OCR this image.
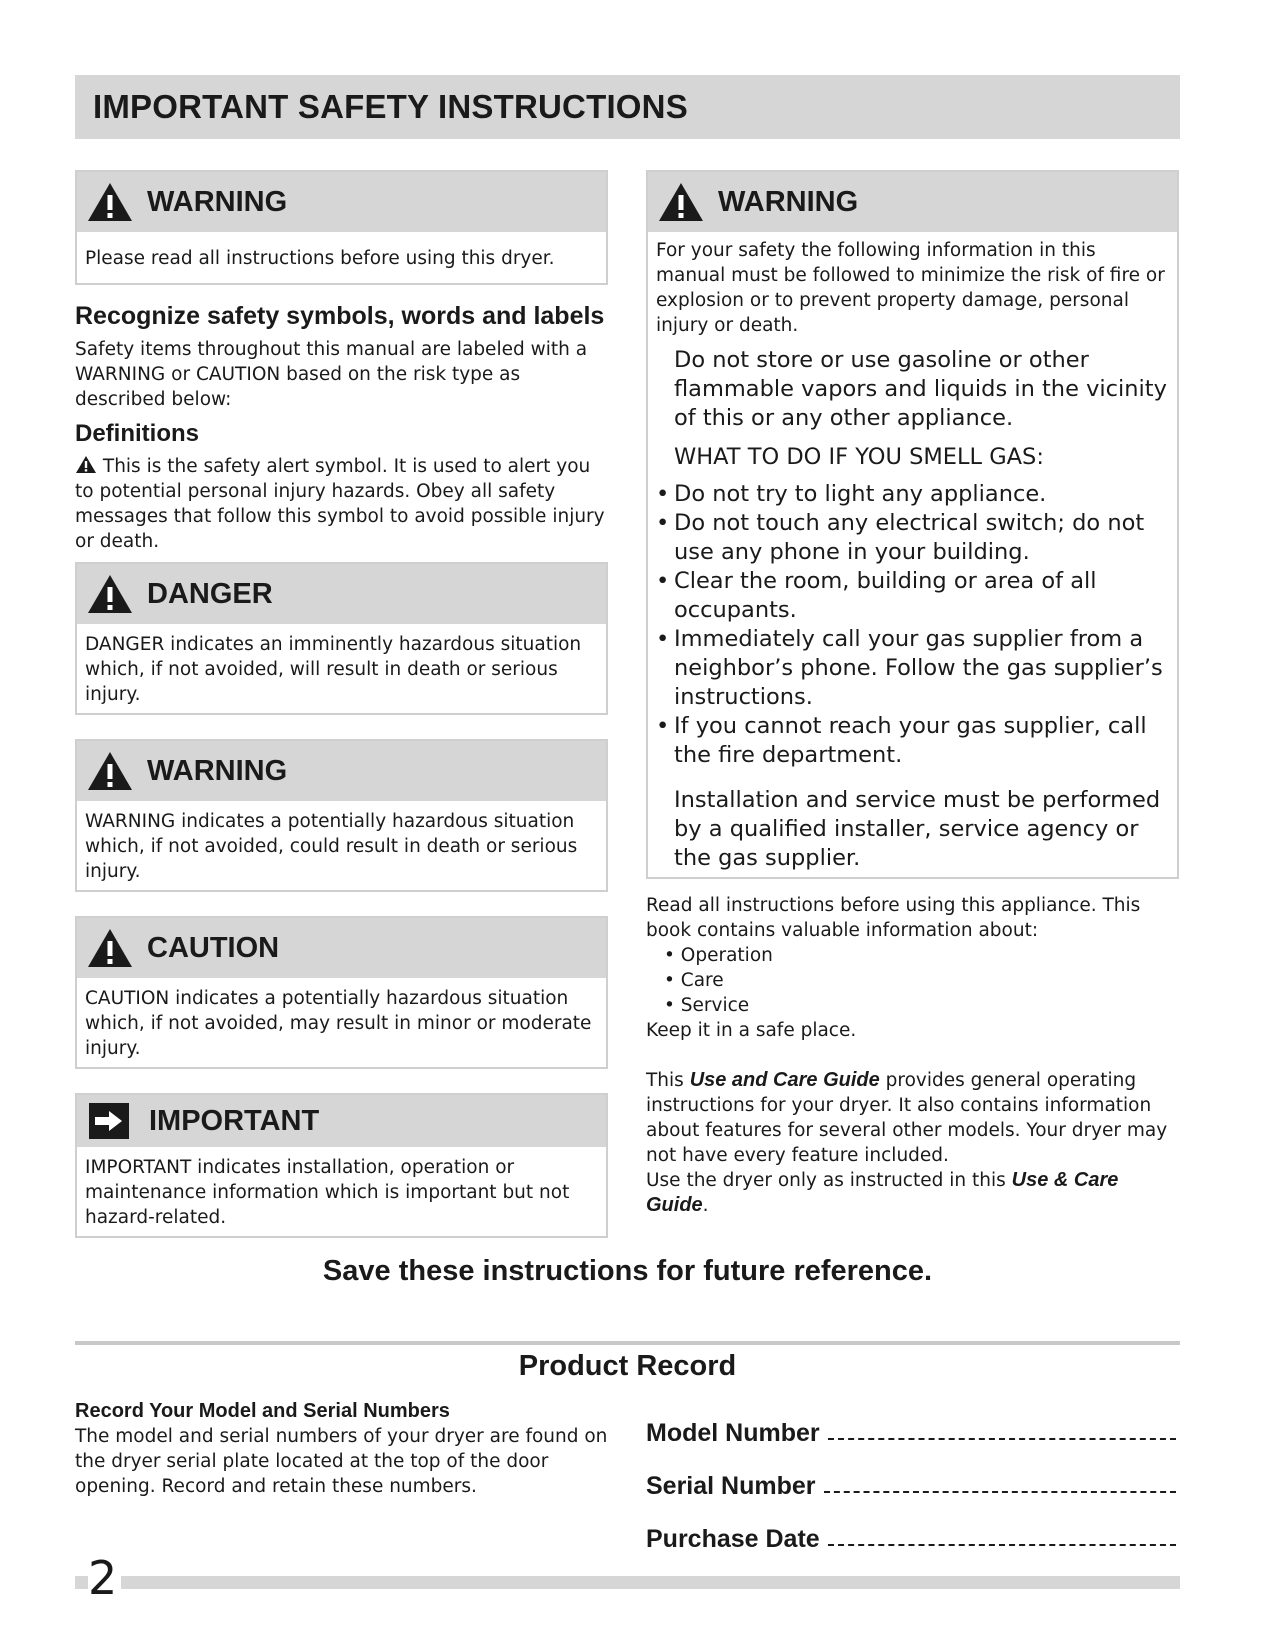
IMPORTANT SAFETY INSTRUCTIONS
WARNING
Please read all instructions before using this dryer.
Recognize safety symbols, words and labels

Safety items throughout this manual are labeled with a WARNING or CAUTION based on the risk type as described below:

Definitions

This is the safety alert symbol. It is used to alert you to potential personal injury hazards. Obey all safety messages that follow this symbol to avoid possible injury or death.

DANGER
DANGER indicates an imminently hazardous situation which, if not avoided, will result in death or serious injury.
WARNING
WARNING indicates a potentially hazardous situation which, if not avoided, could result in death or serious injury.
CAUTION
CAUTION indicates a potentially hazardous situation which, if not avoided, may result in minor or moderate injury.
IMPORTANT
IMPORTANT indicates installation, operation or maintenance information which is important but not hazard-related.
WARNING
For your safety the following information in this manual must be followed to minimize the risk of fire or explosion or to prevent property damage, personal injury or death.
Do not store or use gasoline or other flammable vapors and liquids in the vicinity of this or any other appliance.
WHAT TO DO IF YOU SMELL GAS:
• Do not try to light any appliance.
• Do not touch any electrical switch; do not use any phone in your building.
• Clear the room, building or area of all occupants.
• Immediately call your gas supplier from a neighbor’s phone. Follow the gas supplier’s instructions.
• If you cannot reach your gas supplier, call the fire department.
Installation and service must be performed by a qualified installer, service agency or the gas supplier.

Read all instructions before using this appliance. This book contains valuable information about:

• Operation
• Care
• Service

Keep it in a safe place.

This Use and Care Guide provides general operating instructions for your dryer. It also contains information about features for several other models. Your dryer may not have every feature included.

Use the dryer only as instructed in this Use & Care Guide.

Save these instructions for future reference.
Product Record
Record Your Model and Serial Numbers

The model and serial numbers of your dryer are found on the dryer serial plate located at the top of the door opening. Record and retain these numbers.

Model Number
Serial Number
Purchase Date
2
